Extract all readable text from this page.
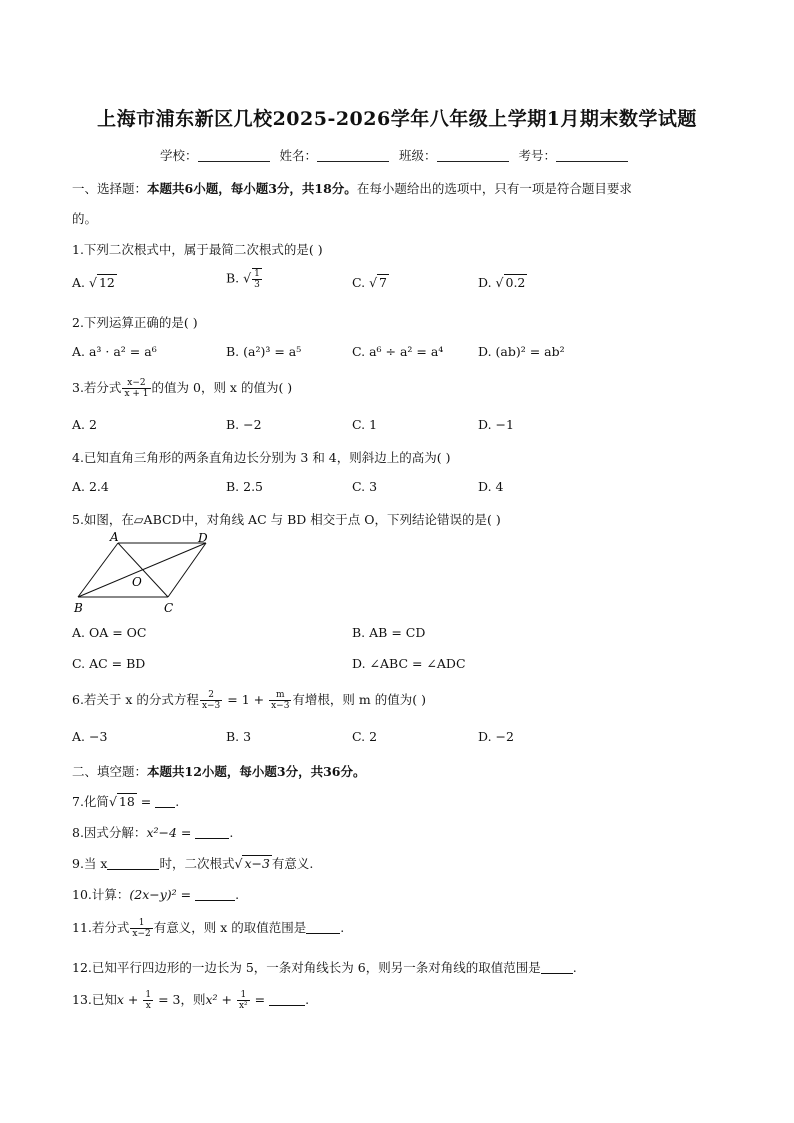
上海市浦东新区几校2025-2026学年八年级上学期1月期末数学试题
学校：	姓名：	班级：	考号：
一、选择题：本题共6小题，每小题3分，共18分。在每小题给出的选项中，只有一项是符合题目要求
的。
1.下列二次根式中，属于最简二次根式的是( )
A. √ 12	B. √ $\frac{1}{3}$	C. √ 7	D. √ 0.2
2.下列运算正确的是( )
A. a³ · a² = a⁶	B. (a²)³ = a⁵	C. a⁶ ÷ a² = a⁴	D. (ab)² = ab²
3.若分式 $\frac{x-2}{x + 1}$ 的值为 0，则 x 的值为( )
A. 2	B. −2	C. 1	D. −1
4.已知直角三角形的两条直角边长分别为 3 和 4，则斜边上的高为( )
A. 2.4	B. 2.5	C. 3	D. 4
5.如图，在▱ABCD中，对角线 AC 与 BD 相交于点 O，下列结论错误的是( )
A	D
B	C
O
A. OA = OC	B. AB = CD
C. AC = BD	D. ∠ABC = ∠ADC
6.若关于 x 的分式方程 $\frac{2}{x-3} = 1 + \frac{m}{x-3}$ 有增根，则 m 的值为( )
A. −3	B. 3	C. 2	D. −2
二、填空题：本题共12小题，每小题3分，共36分。
7.化简√ 18 = .
8.因式分解：x²−4 =	.
9.当 x	时，二次根式√ x−3 有意义.
10.计算：(2x−y)² =	.
11.若分式 $\frac{1}{x-2}$ 有意义，则 x 的取值范围是	.
12.已知平行四边形的一边长为 5，一条对角线长为 6，则另一条对角线的取值范围是	.
13.已知$x + \frac{1}{x} = 3$，则$x^2 + \frac{1}{\text{x²}}$ =	.
